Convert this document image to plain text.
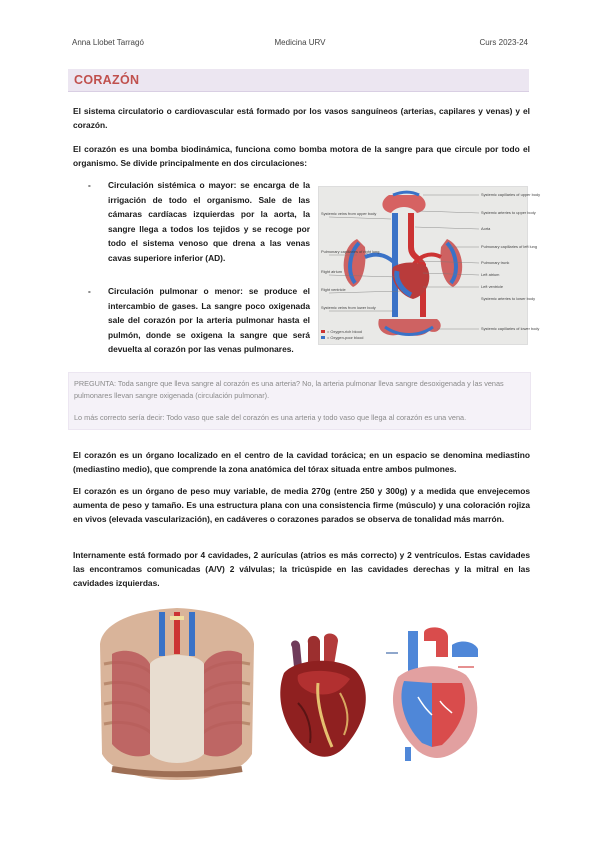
Anna Llobet Tarragó	Medicina URV	Curs 2023-24
CORAZÓN
El sistema circulatorio o cardiovascular está formado por los vasos sanguíneos (arterias, capilares y venas) y el corazón.
El corazón es una bomba biodinámica, funciona como bomba motora de la sangre para que circule por todo el organismo. Se divide principalmente en dos circulaciones:
- Circulación sistémica o mayor: se encarga de la irrigación de todo el organismo. Sale de las cámaras cardíacas izquierdas por la aorta, la sangre llega a todos los tejidos y se recoge por todo el sistema venoso que drena a las venas cavas superiore inferior (AD).
- Circulación pulmonar o menor: se produce el intercambio de gases. La sangre poco oxigenada sale del corazón por la arteria pulmonar hasta el pulmón, donde se oxigena la sangre que será devuelta al corazón por las venas pulmonares.
Systemic capillaries of upper body
Systemic arteries to upper body
Aorta
Pulmonary capillaries of left lung
Pulmonary trunk
Left atrium
Left ventricle
Systemic arteries to lower body
Systemic capillaries of lower body
Systemic veins from upper body
Pulmonary capillaries of right lung
Right atrium
Right ventricle
Systemic veins from lower body
= Oxygen-rich blood
= Oxygen-poor blood
PREGUNTA: Toda sangre que lleva sangre al corazón es una arteria? No, la arteria pulmonar lleva sangre desoxigenada y las venas pulmonares llevan sangre oxigenada (circulación pulmonar).
Lo más correcto sería decir: Todo vaso que sale del corazón es una arteria y todo vaso que llega al corazón es una vena.
El corazón es un órgano localizado en el centro de la cavidad torácica; en un espacio se denomina mediastino (mediastino medio), que comprende la zona anatómica del tórax situada entre ambos pulmones.
El corazón es un órgano de peso muy variable, de media 270g (entre 250 y 300g) y a medida que envejecemos aumenta de peso y tamaño. Es una estructura plana con una consistencia firme (músculo) y una coloración rojiza en vivos (elevada vascularización), en cadáveres o corazones parados se observa de tonalidad más marrón.
Internamente está formado por 4 cavidades, 2 aurículas (atrios es más correcto) y 2 ventrículos. Estas cavidades las encontramos comunicadas (A/V) 2 válvulas; la tricúspide en las cavidades derechas y la mitral en las cavidades izquierdas.
